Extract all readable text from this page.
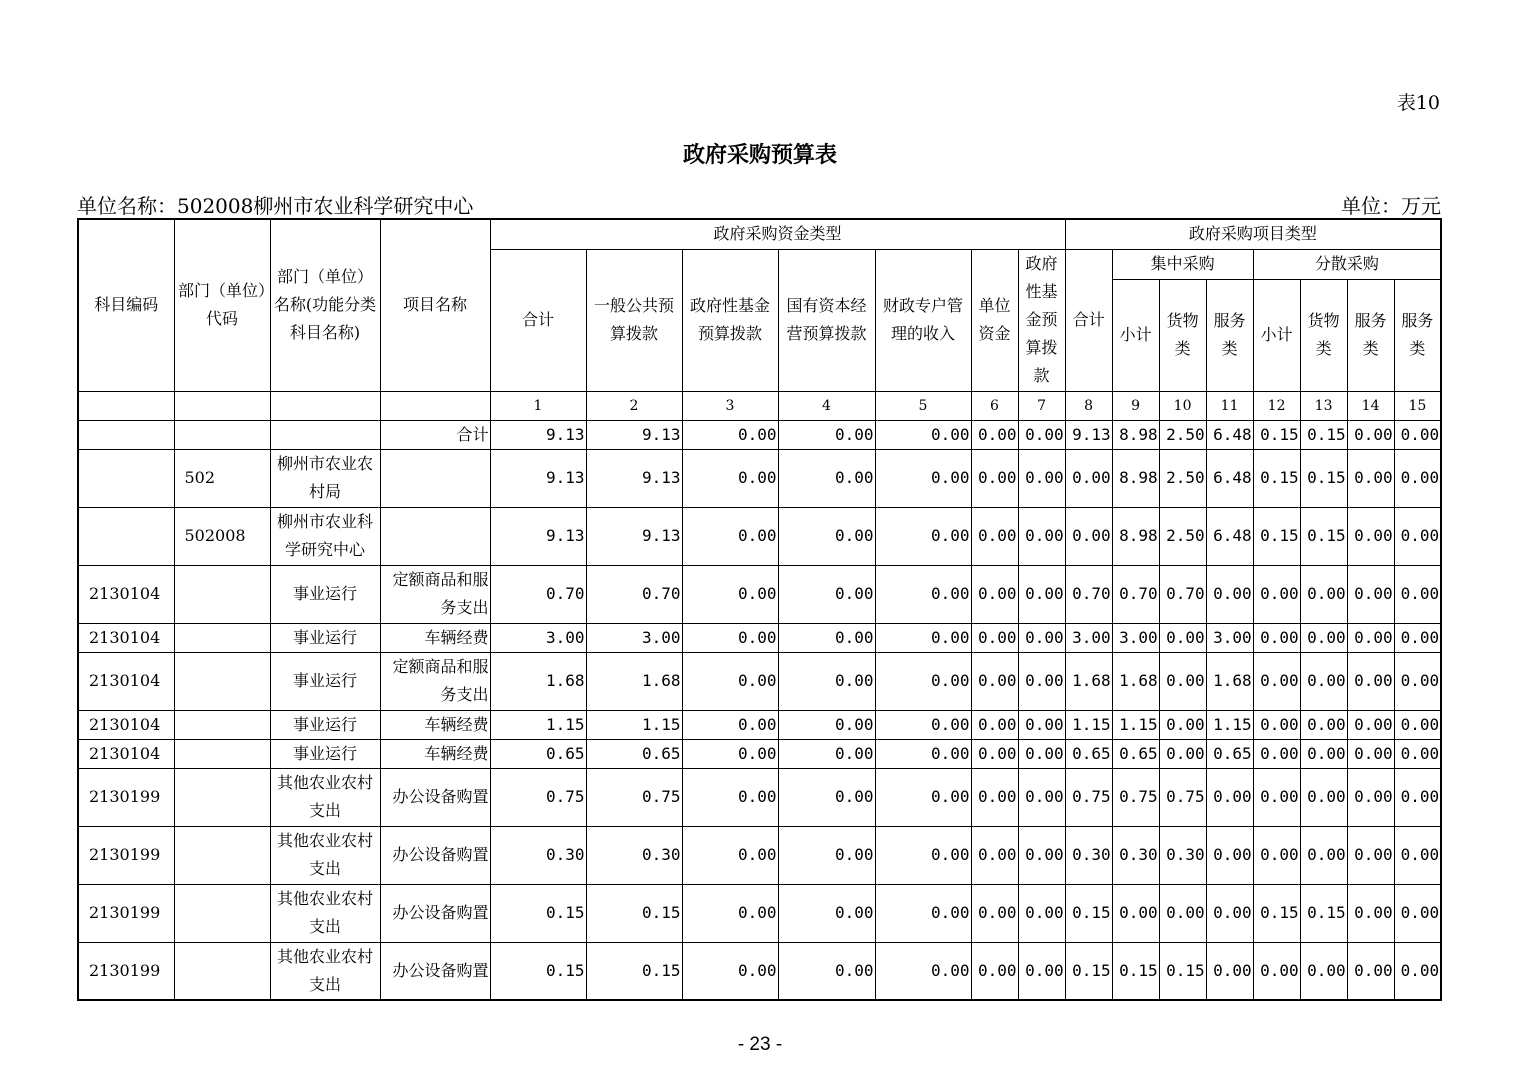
表10
政府采购预算表
单位名称：502008柳州市农业科学研究中心	单位：万元
科目编码	部门（单位）代码	部门（单位）名称(功能分类科目名称)	项目名称	政府采购资金类型							政府采购项目类型							
				合计	一般公共预算拨款	政府性基金预算拨款	国有资本经营预算拨款	财政专户管理的收入	单位资金	政府性基金预算拨款	合计	集中采购			分散采购			
												小计	货物类	服务类	小计	货物类	服务类	服务类
				1	2	3	4	5	6	7	8	9	10	11	12	13	14	15
			合计	9.13	9.13	0.00	0.00	0.00	0.00	0.00	9.13	8.98	2.50	6.48	0.15	0.15	0.00	0.00
	502	柳州市农业农村局		9.13	9.13	0.00	0.00	0.00	0.00	0.00	0.00	8.98	2.50	6.48	0.15	0.15	0.00	0.00
	502008	柳州市农业科学研究中心		9.13	9.13	0.00	0.00	0.00	0.00	0.00	0.00	8.98	2.50	6.48	0.15	0.15	0.00	0.00
2130104		事业运行	定额商品和服务支出	0.70	0.70	0.00	0.00	0.00	0.00	0.00	0.70	0.70	0.70	0.00	0.00	0.00	0.00	0.00
2130104		事业运行	车辆经费	3.00	3.00	0.00	0.00	0.00	0.00	0.00	3.00	3.00	0.00	3.00	0.00	0.00	0.00	0.00
2130104		事业运行	定额商品和服务支出	1.68	1.68	0.00	0.00	0.00	0.00	0.00	1.68	1.68	0.00	1.68	0.00	0.00	0.00	0.00
2130104		事业运行	车辆经费	1.15	1.15	0.00	0.00	0.00	0.00	0.00	1.15	1.15	0.00	1.15	0.00	0.00	0.00	0.00
2130104		事业运行	车辆经费	0.65	0.65	0.00	0.00	0.00	0.00	0.00	0.65	0.65	0.00	0.65	0.00	0.00	0.00	0.00
2130199		其他农业农村支出	办公设备购置	0.75	0.75	0.00	0.00	0.00	0.00	0.00	0.75	0.75	0.75	0.00	0.00	0.00	0.00	0.00
2130199		其他农业农村支出	办公设备购置	0.30	0.30	0.00	0.00	0.00	0.00	0.00	0.30	0.30	0.30	0.00	0.00	0.00	0.00	0.00
2130199		其他农业农村支出	办公设备购置	0.15	0.15	0.00	0.00	0.00	0.00	0.00	0.15	0.00	0.00	0.00	0.15	0.15	0.00	0.00
2130199		其他农业农村支出	办公设备购置	0.15	0.15	0.00	0.00	0.00	0.00	0.00	0.15	0.15	0.15	0.00	0.00	0.00	0.00	0.00
- 23 -
